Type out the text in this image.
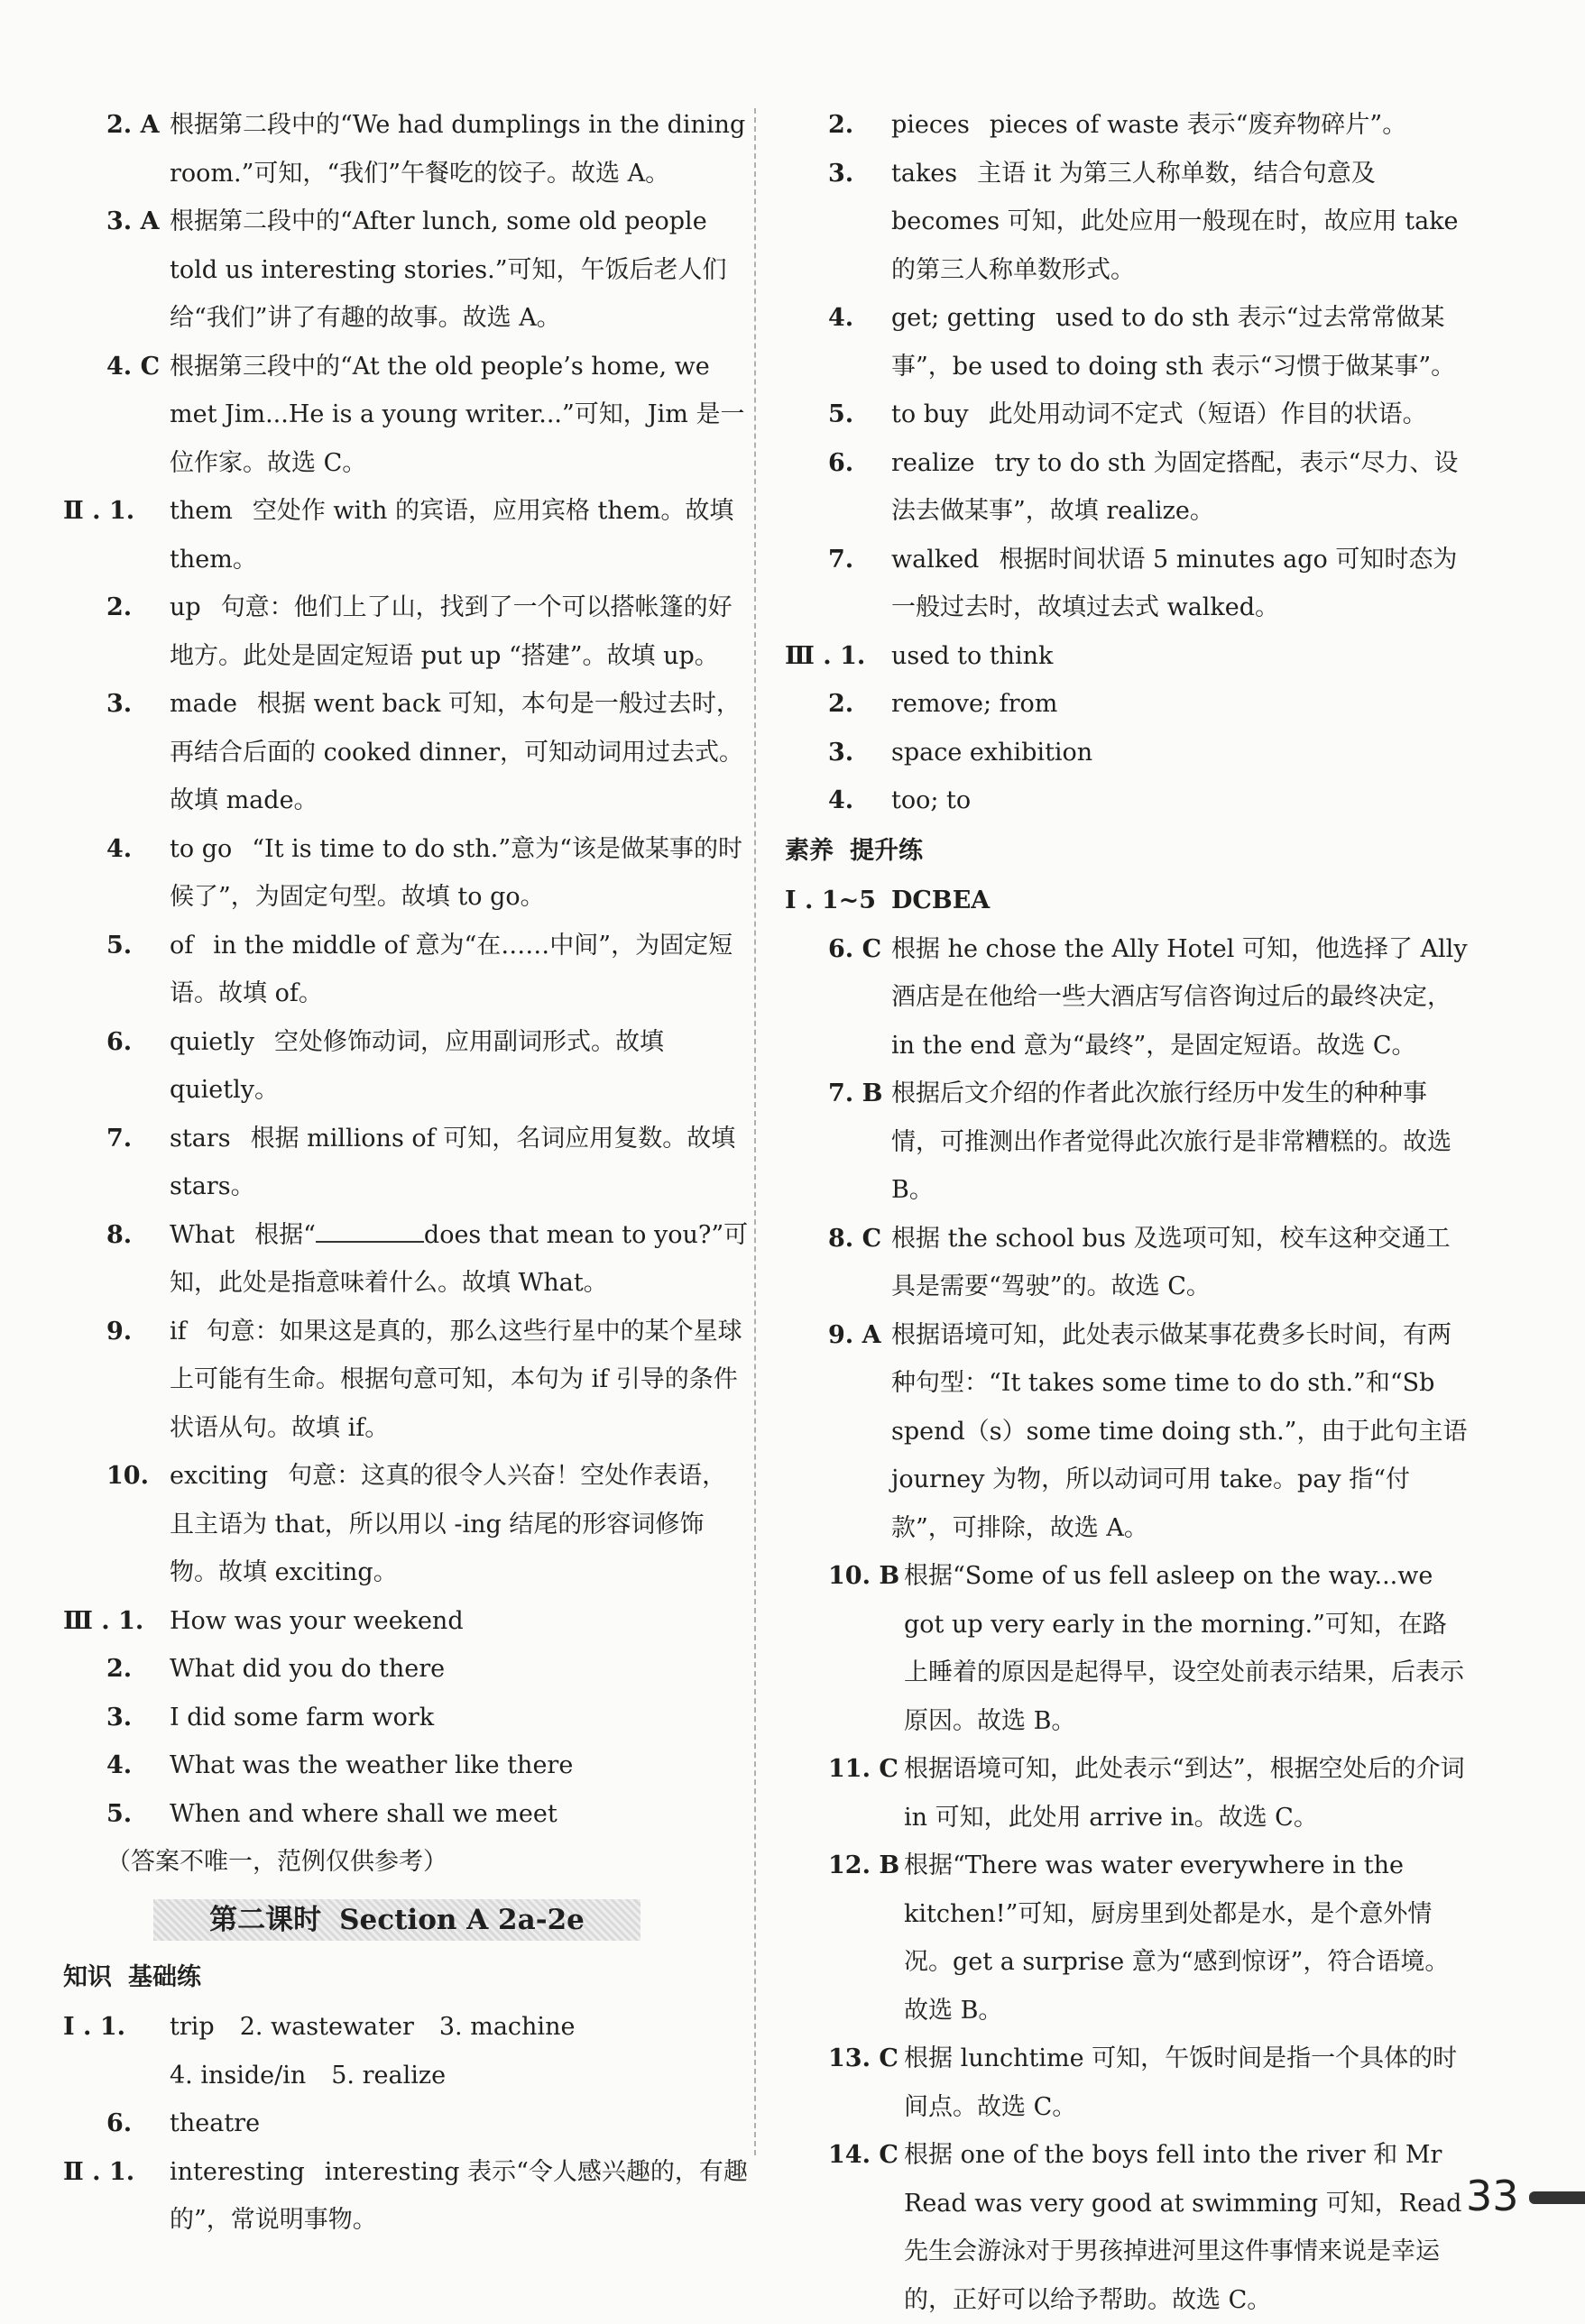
2. A 根据第二段中的“We had dumplings in the dining room.”可知，“我们”午餐吃的饺子。故选 A。
3. A 根据第二段中的“After lunch, some old people told us interesting stories.”可知，午饭后老人们给“我们”讲了有趣的故事。故选 A。
4. C 根据第三段中的“At the old people’s home, we met Jim...He is a young writer...”可知，Jim 是一位作家。故选 C。
Ⅱ . 1.	them 空处作 with 的宾语，应用宾格 them。故填 them。
2.	up 句意：他们上了山，找到了一个可以搭帐篷的好地方。此处是固定短语 put up “搭建”。故填 up。
3.	made 根据 went back 可知，本句是一般过去时，再结合后面的 cooked dinner，可知动词用过去式。故填 made。
4.	to go “It is time to do sth.”意为“该是做某事的时候了”，为固定句型。故填 to go。
5.	of in the middle of 意为“在……中间”，为固定短语。故填 of。
6.	quietly 空处修饰动词，应用副词形式。故填 quietly。
7.	stars 根据 millions of 可知，名词应用复数。故填 stars。
8.	What 根据“	does that mean to you?”可知，此处是指意味着什么。故填 What。
9.	if 句意：如果这是真的，那么这些行星中的某个星球上可能有生命。根据句意可知，本句为 if 引导的条件状语从句。故填 if。
10. exciting 句意：这真的很令人兴奋！空处作表语，且主语为 that，所以用以 -ing 结尾的形容词修饰物。故填 exciting。
Ⅲ . 1.	How was your weekend
2.	What did you do there
3.	I did some farm work
4.	What was the weather like there
5.	When and where shall we meet
（答案不唯一，范例仅供参考）
第二课时 Section A 2a-2e
知识 基础练
Ⅰ . 1.	trip 2. wastewater 3. machine
4. inside/in 5. realize
6.	theatre
Ⅱ . 1.	interesting interesting 表示“令人感兴趣的，有趣的”，常说明事物。
2.	pieces pieces of waste 表示“废弃物碎片”。
3.	takes 主语 it 为第三人称单数，结合句意及 becomes 可知，此处应用一般现在时，故应用 take 的第三人称单数形式。
4.	get; getting used to do sth 表示“过去常常做某事”，be used to doing sth 表示“习惯于做某事”。
5.	to buy 此处用动词不定式（短语）作目的状语。
6.	realize try to do sth 为固定搭配，表示“尽力、设法去做某事”，故填 realize。
7.	walked 根据时间状语 5 minutes ago 可知时态为一般过去时，故填过去式 walked。
Ⅲ . 1.	used to think
2.	remove; from
3.	space exhibition
4.	too; to
素养 提升练
Ⅰ . 1~5 DCBEA
6. C 根据 he chose the Ally Hotel 可知，他选择了 Ally 酒店是在他给一些大酒店写信咨询过后的最终决定，in the end 意为“最终”，是固定短语。故选 C。
7. B 根据后文介绍的作者此次旅行经历中发生的种种事情，可推测出作者觉得此次旅行是非常糟糕的。故选 B。
8. C 根据 the school bus 及选项可知，校车这种交通工具是需要“驾驶”的。故选 C。
9. A 根据语境可知，此处表示做某事花费多长时间，有两种句型：“It takes some time to do sth.”和“Sb spend（s）some time doing sth.”，由于此句主语 journey 为物，所以动词可用 take。pay 指“付款”，可排除，故选 A。
10. B 根据“Some of us fell asleep on the way...we got up very early in the morning.”可知，在路上睡着的原因是起得早，设空处前表示结果，后表示原因。故选 B。
11. C 根据语境可知，此处表示“到达”，根据空处后的介词 in 可知，此处用 arrive in。故选 C。
12. B 根据“There was water everywhere in the kitchen!”可知，厨房里到处都是水，是个意外情况。get a surprise 意为“感到惊讶”，符合语境。故选 B。
13. C 根据 lunchtime 可知，午饭时间是指一个具体的时间点。故选 C。
14. C 根据 one of the boys fell into the river 和 Mr Read was very good at swimming 可知，Read 先生会游泳对于男孩掉进河里这件事情来说是幸运的，正好可以给予帮助。故选 C。
33
